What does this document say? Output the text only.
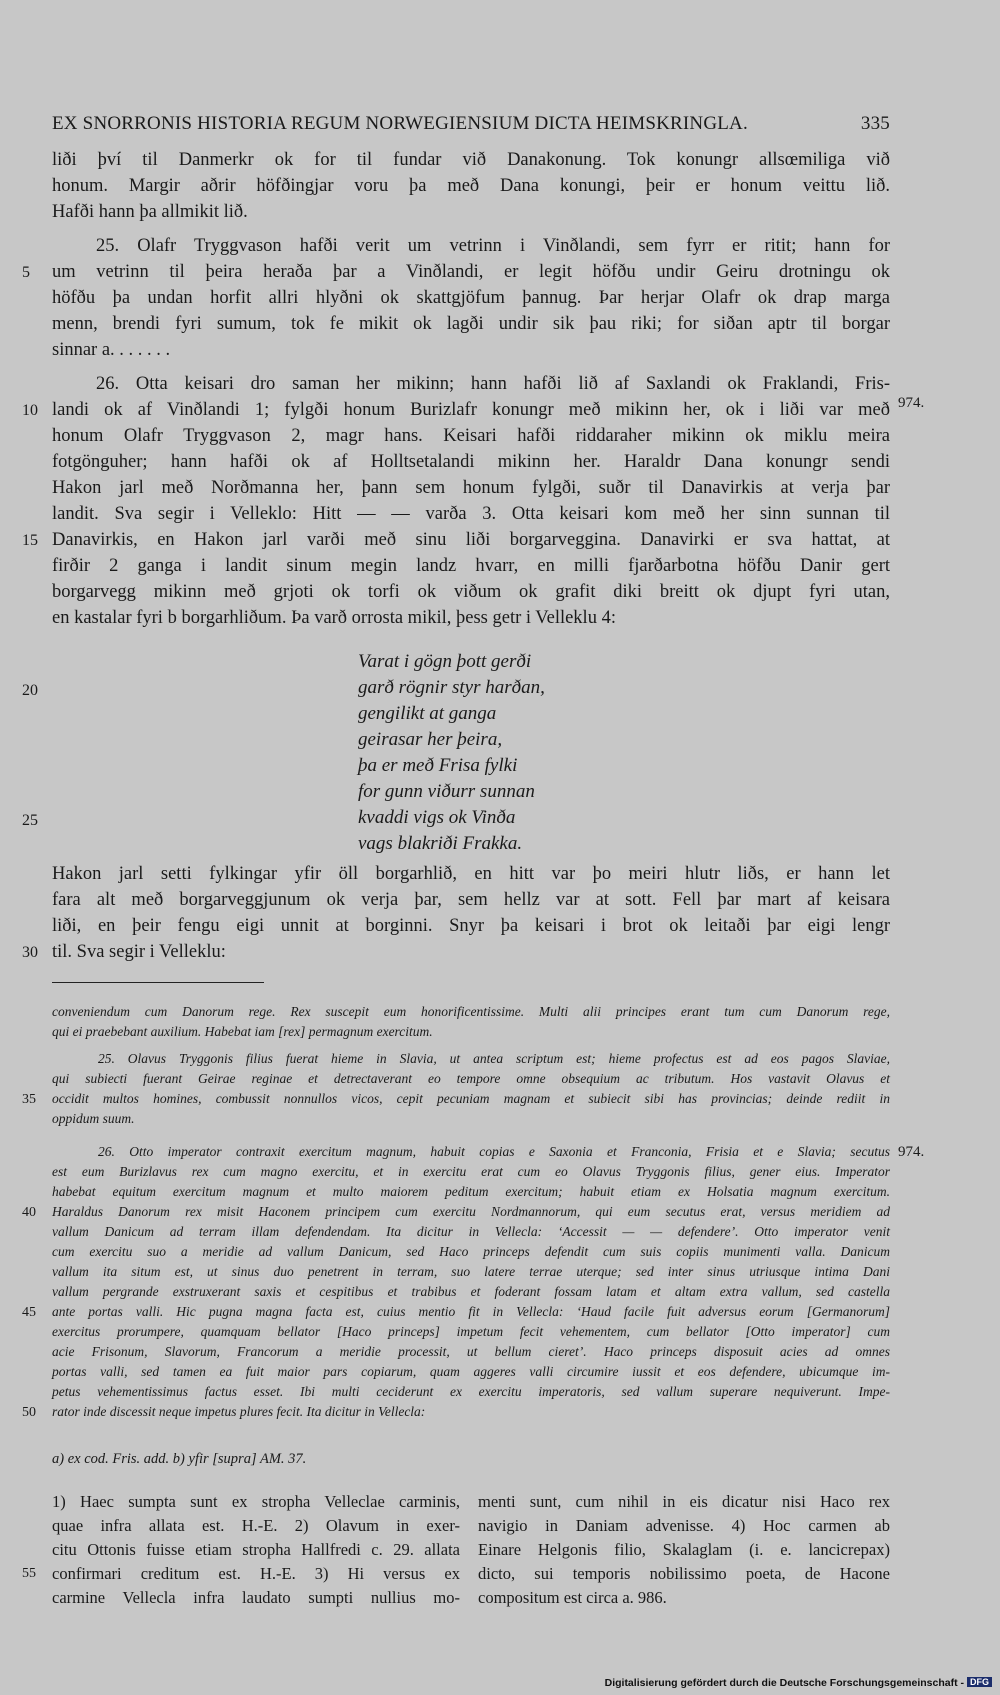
EX SNORRONIS HISTORIA REGUM NORWEGIENSIUM DICTA HEIMSKRINGLA.	335
liði því til Danmerkr ok for til fundar við Danakonung. Tok konungr allsœmiliga við
honum. Margir aðrir höfðingjar voru þa með Dana konungi, þeir er honum veittu lið.
Hafði hann þa allmikit lið.
25. Olafr Tryggvason hafði verit um vetrinn i Vinðlandi, sem fyrr er ritit; hann for
um vetrinn til þeira heraða þar a Vinðlandi, er legit höfðu undir Geiru drotningu ok
höfðu þa undan horfit allri hlyðni ok skattgjöfum þannug. Þar herjar Olafr ok drap marga
menn, brendi fyri sumum, tok fe mikit ok lagði undir sik þau riki; for siðan aptr til borgar
sinnar a. . . . . . .
26. Otta keisari dro saman her mikinn; hann hafði lið af Saxlandi ok Fraklandi, Fris-
landi ok af Vinðlandi 1; fylgði honum Burizlafr konungr með mikinn her, ok i liði var með
honum Olafr Tryggvason 2, magr hans. Keisari hafði riddaraher mikinn ok miklu meira
fotgönguher; hann hafði ok af Holltsetalandi mikinn her. Haraldr Dana konungr sendi
Hakon jarl með Norðmanna her, þann sem honum fylgði, suðr til Danavirkis at verja þar
landit. Sva segir i Velleklo: Hitt — — varða 3. Otta keisari kom með her sinn sunnan til
Danavirkis, en Hakon jarl varði með sinu liði borgarveggina. Danavirki er sva hattat, at
firðir 2 ganga i landit sinum megin landz hvarr, en milli fjarðarbotna höfðu Danir gert
borgarvegg mikinn með grjoti ok torfi ok viðum ok grafit diki breitt ok djupt fyri utan,
en kastalar fyri b borgarhliðum. Þa varð orrosta mikil, þess getr i Velleklu 4:
Varat i gögn þott gerði
garð rögnir styr harðan,
gengilikt at ganga
geirasar her þeira,
þa er með Frisa fylki
for gunn viðurr sunnan
kvaddi vigs ok Vinða
vags blakriði Frakka.
Hakon jarl setti fylkingar yfir öll borgarhlið, en hitt var þo meiri hlutr liðs, er hann let
fara alt með borgarveggjunum ok verja þar, sem hellz var at sott. Fell þar mart af keisara
liði, en þeir fengu eigi unnit at borginni. Snyr þa keisari i brot ok leitaði þar eigi lengr
til. Sva segir i Velleklu:
5
10
15
20
25
30
974.
conveniendum cum Danorum rege. Rex suscepit eum honorificentissime. Multi alii principes erant tum cum Danorum rege,
qui ei praebebant auxilium. Habebat iam [rex] permagnum exercitum.
25. Olavus Tryggonis filius fuerat hieme in Slavia, ut antea scriptum est; hieme profectus est ad eos pagos Slaviae,
qui subiecti fuerant Geirae reginae et detrectaverant eo tempore omne obsequium ac tributum. Hos vastavit Olavus et
occidit multos homines, combussit nonnullos vicos, cepit pecuniam magnam et subiecit sibi has provincias; deinde rediit in
oppidum suum.
26. Otto imperator contraxit exercitum magnum, habuit copias e Saxonia et Franconia, Frisia et e Slavia; secutus
est eum Burizlavus rex cum magno exercitu, et in exercitu erat cum eo Olavus Tryggonis filius, gener eius. Imperator
habebat equitum exercitum magnum et multo maiorem peditum exercitum; habuit etiam ex Holsatia magnum exercitum.
Haraldus Danorum rex misit Haconem principem cum exercitu Nordmannorum, qui eum secutus erat, versus meridiem ad
vallum Danicum ad terram illam defendendam. Ita dicitur in Vellecla: ‘Accessit — — defendere’. Otto imperator venit
cum exercitu suo a meridie ad vallum Danicum, sed Haco princeps defendit cum suis copiis munimenti valla. Danicum
vallum ita situm est, ut sinus duo penetrent in terram, suo latere terrae uterque; sed inter sinus utriusque intima Dani
vallum pergrande exstruxerant saxis et cespitibus et trabibus et foderant fossam latam et altam extra vallum, sed castella
ante portas valli. Hic pugna magna facta est, cuius mentio fit in Vellecla: ‘Haud facile fuit adversus eorum [Germanorum]
exercitus prorumpere, quamquam bellator [Haco princeps] impetum fecit vehementem, cum bellator [Otto imperator] cum
acie Frisonum, Slavorum, Francorum a meridie processit, ut bellum cieret’. Haco princeps disposuit acies ad omnes
portas valli, sed tamen ea fuit maior pars copiarum, quam aggeres valli circumire iussit et eos defendere, ubicumque im-
petus vehementissimus factus esset. Ibi multi ceciderunt ex exercitu imperatoris, sed vallum superare nequiverunt. Impe-
rator inde discessit neque impetus plures fecit. Ita dicitur in Vellecla:
35
40
45
50
974.
a) ex cod. Fris. add. b) yfir [supra] AM. 37.
1) Haec sumpta sunt ex stropha Velleclae carminis,
quae infra allata est. H.-E. 2) Olavum in exer-
citu Ottonis fuisse etiam stropha Hallfredi c. 29. allata
confirmari creditum est. H.-E. 3) Hi versus ex
carmine Vellecla infra laudato sumpti nullius mo-
menti sunt, cum nihil in eis dicatur nisi Haco rex
navigio in Daniam advenisse. 4) Hoc carmen ab
Einare Helgonis filio, Skalaglam (i. e. lancicrepax)
dicto, sui temporis nobilissimo poeta, de Hacone
compositum est circa a. 986.
55
Digitalisierung gefördert durch die Deutsche Forschungsgemeinschaft - DFG
